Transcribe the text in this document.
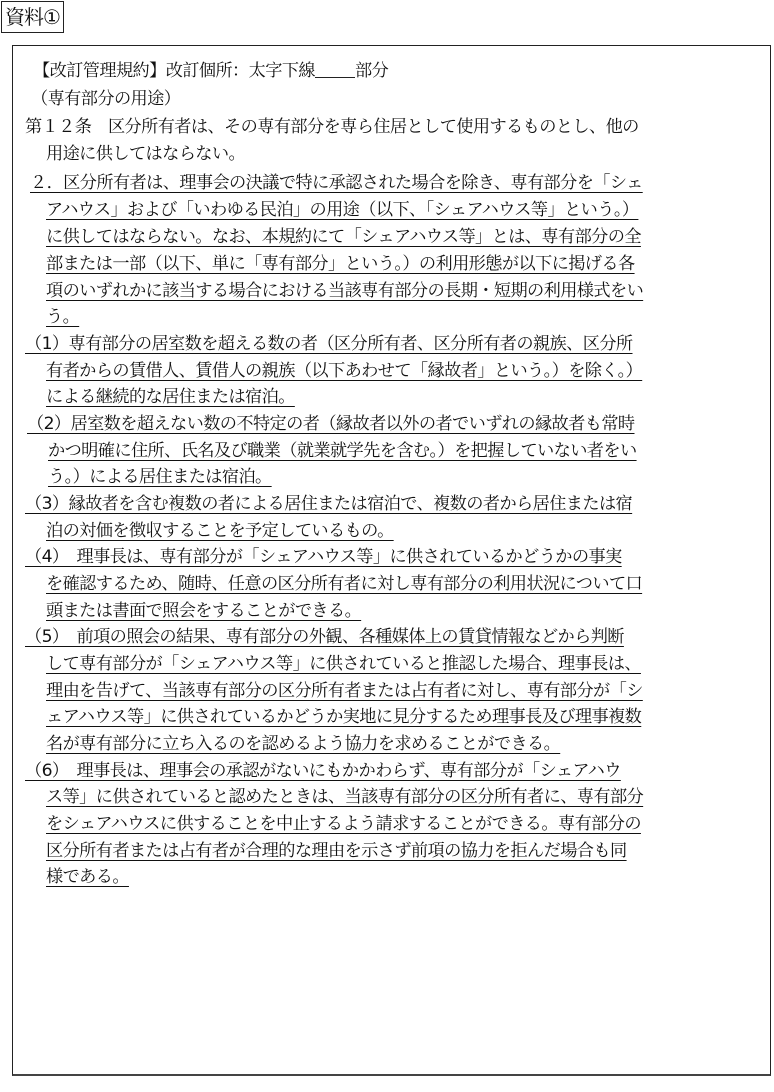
資料①
【改訂管理規約】改訂個所：太字下線 部分
（専有部分の用途）
第１２条　区分所有者は、その専有部分を専ら住居として使用するものとし、他の
用途に供してはならない。
２．区分所有者は、理事会の決議で特に承認された場合を除き、専有部分を「シェ
アハウス」および「いわゆる民泊」の用途（以下、「シェアハウス等」という。）
に供してはならない。なお、本規約にて「シェアハウス等」とは、専有部分の全
部または一部（以下、単に「専有部分」という。）の利用形態が以下に掲げる各
項のいずれかに該当する場合における当該専有部分の長期・短期の利用様式をい
う。
（1）専有部分の居室数を超える数の者（区分所有者、区分所有者の親族、区分所
有者からの賃借人、賃借人の親族（以下あわせて「縁故者」という。）を除く。）
による継続的な居住または宿泊。
（2）居室数を超えない数の不特定の者（縁故者以外の者でいずれの縁故者も常時
かつ明確に住所、氏名及び職業（就業就学先を含む。）を把握していない者をい
う。）による居住または宿泊。
（3）縁故者を含む複数の者による居住または宿泊で、複数の者から居住または宿
泊の対価を徴収することを予定しているもの。
（4）　理事長は、専有部分が「シェアハウス等」に供されているかどうかの事実
を確認するため、随時、任意の区分所有者に対し専有部分の利用状況について口
頭または書面で照会をすることができる。
（5）　前項の照会の結果、専有部分の外観、各種媒体上の賃貸情報などから判断
して専有部分が「シェアハウス等」に供されていると推認した場合、理事長は、
理由を告げて、当該専有部分の区分所有者または占有者に対し、専有部分が「シ
ェアハウス等」に供されているかどうか実地に見分するため理事長及び理事複数
名が専有部分に立ち入るのを認めるよう協力を求めることができる。
（6）　理事長は、理事会の承認がないにもかかわらず、専有部分が「シェアハウ
ス等」に供されていると認めたときは、当該専有部分の区分所有者に、専有部分
をシェアハウスに供することを中止するよう請求することができる。専有部分の
区分所有者または占有者が合理的な理由を示さず前項の協力を拒んだ場合も同
様である。
